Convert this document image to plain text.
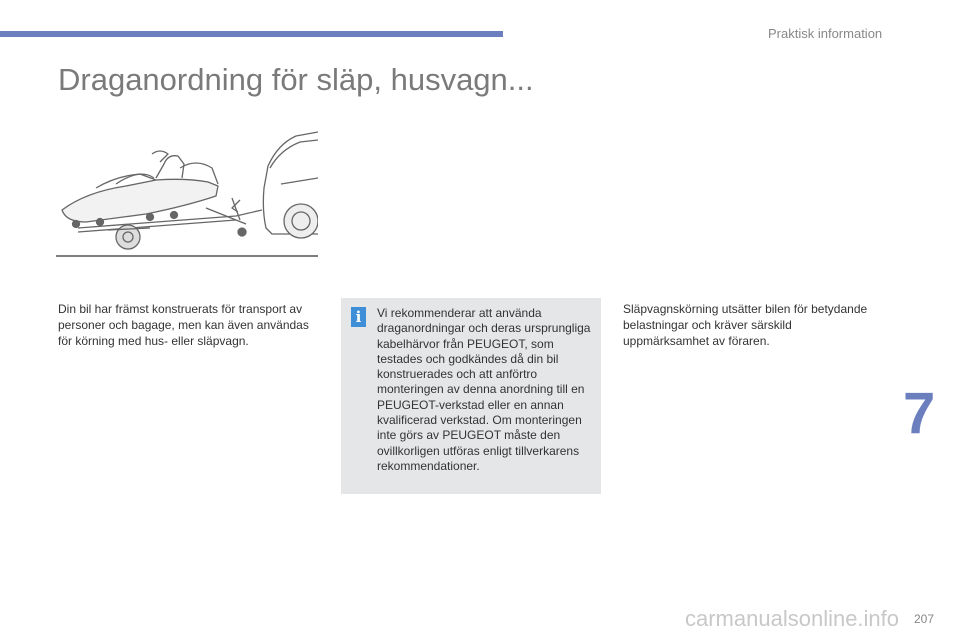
Praktisk information
Draganordning för släp, husvagn...
Din bil har främst konstruerats för transport av personer och bagage, men kan även användas för körning med hus- eller släpvagn.
i	Vi rekommenderar att använda draganordningar och deras ursprungliga kabelhärvor från PEUGEOT, som testades och godkändes då din bil konstruerades och att anförtro monteringen av denna anordning till en PEUGEOT-verkstad eller en annan kvalificerad verkstad. Om monteringen inte görs av PEUGEOT måste den ovillkorligen utföras enligt tillverkarens rekommendationer.
Släpvagnskörning utsätter bilen för betydande belastningar och kräver särskild uppmärksamhet av föraren.
7
carmanualsonline.info 207
